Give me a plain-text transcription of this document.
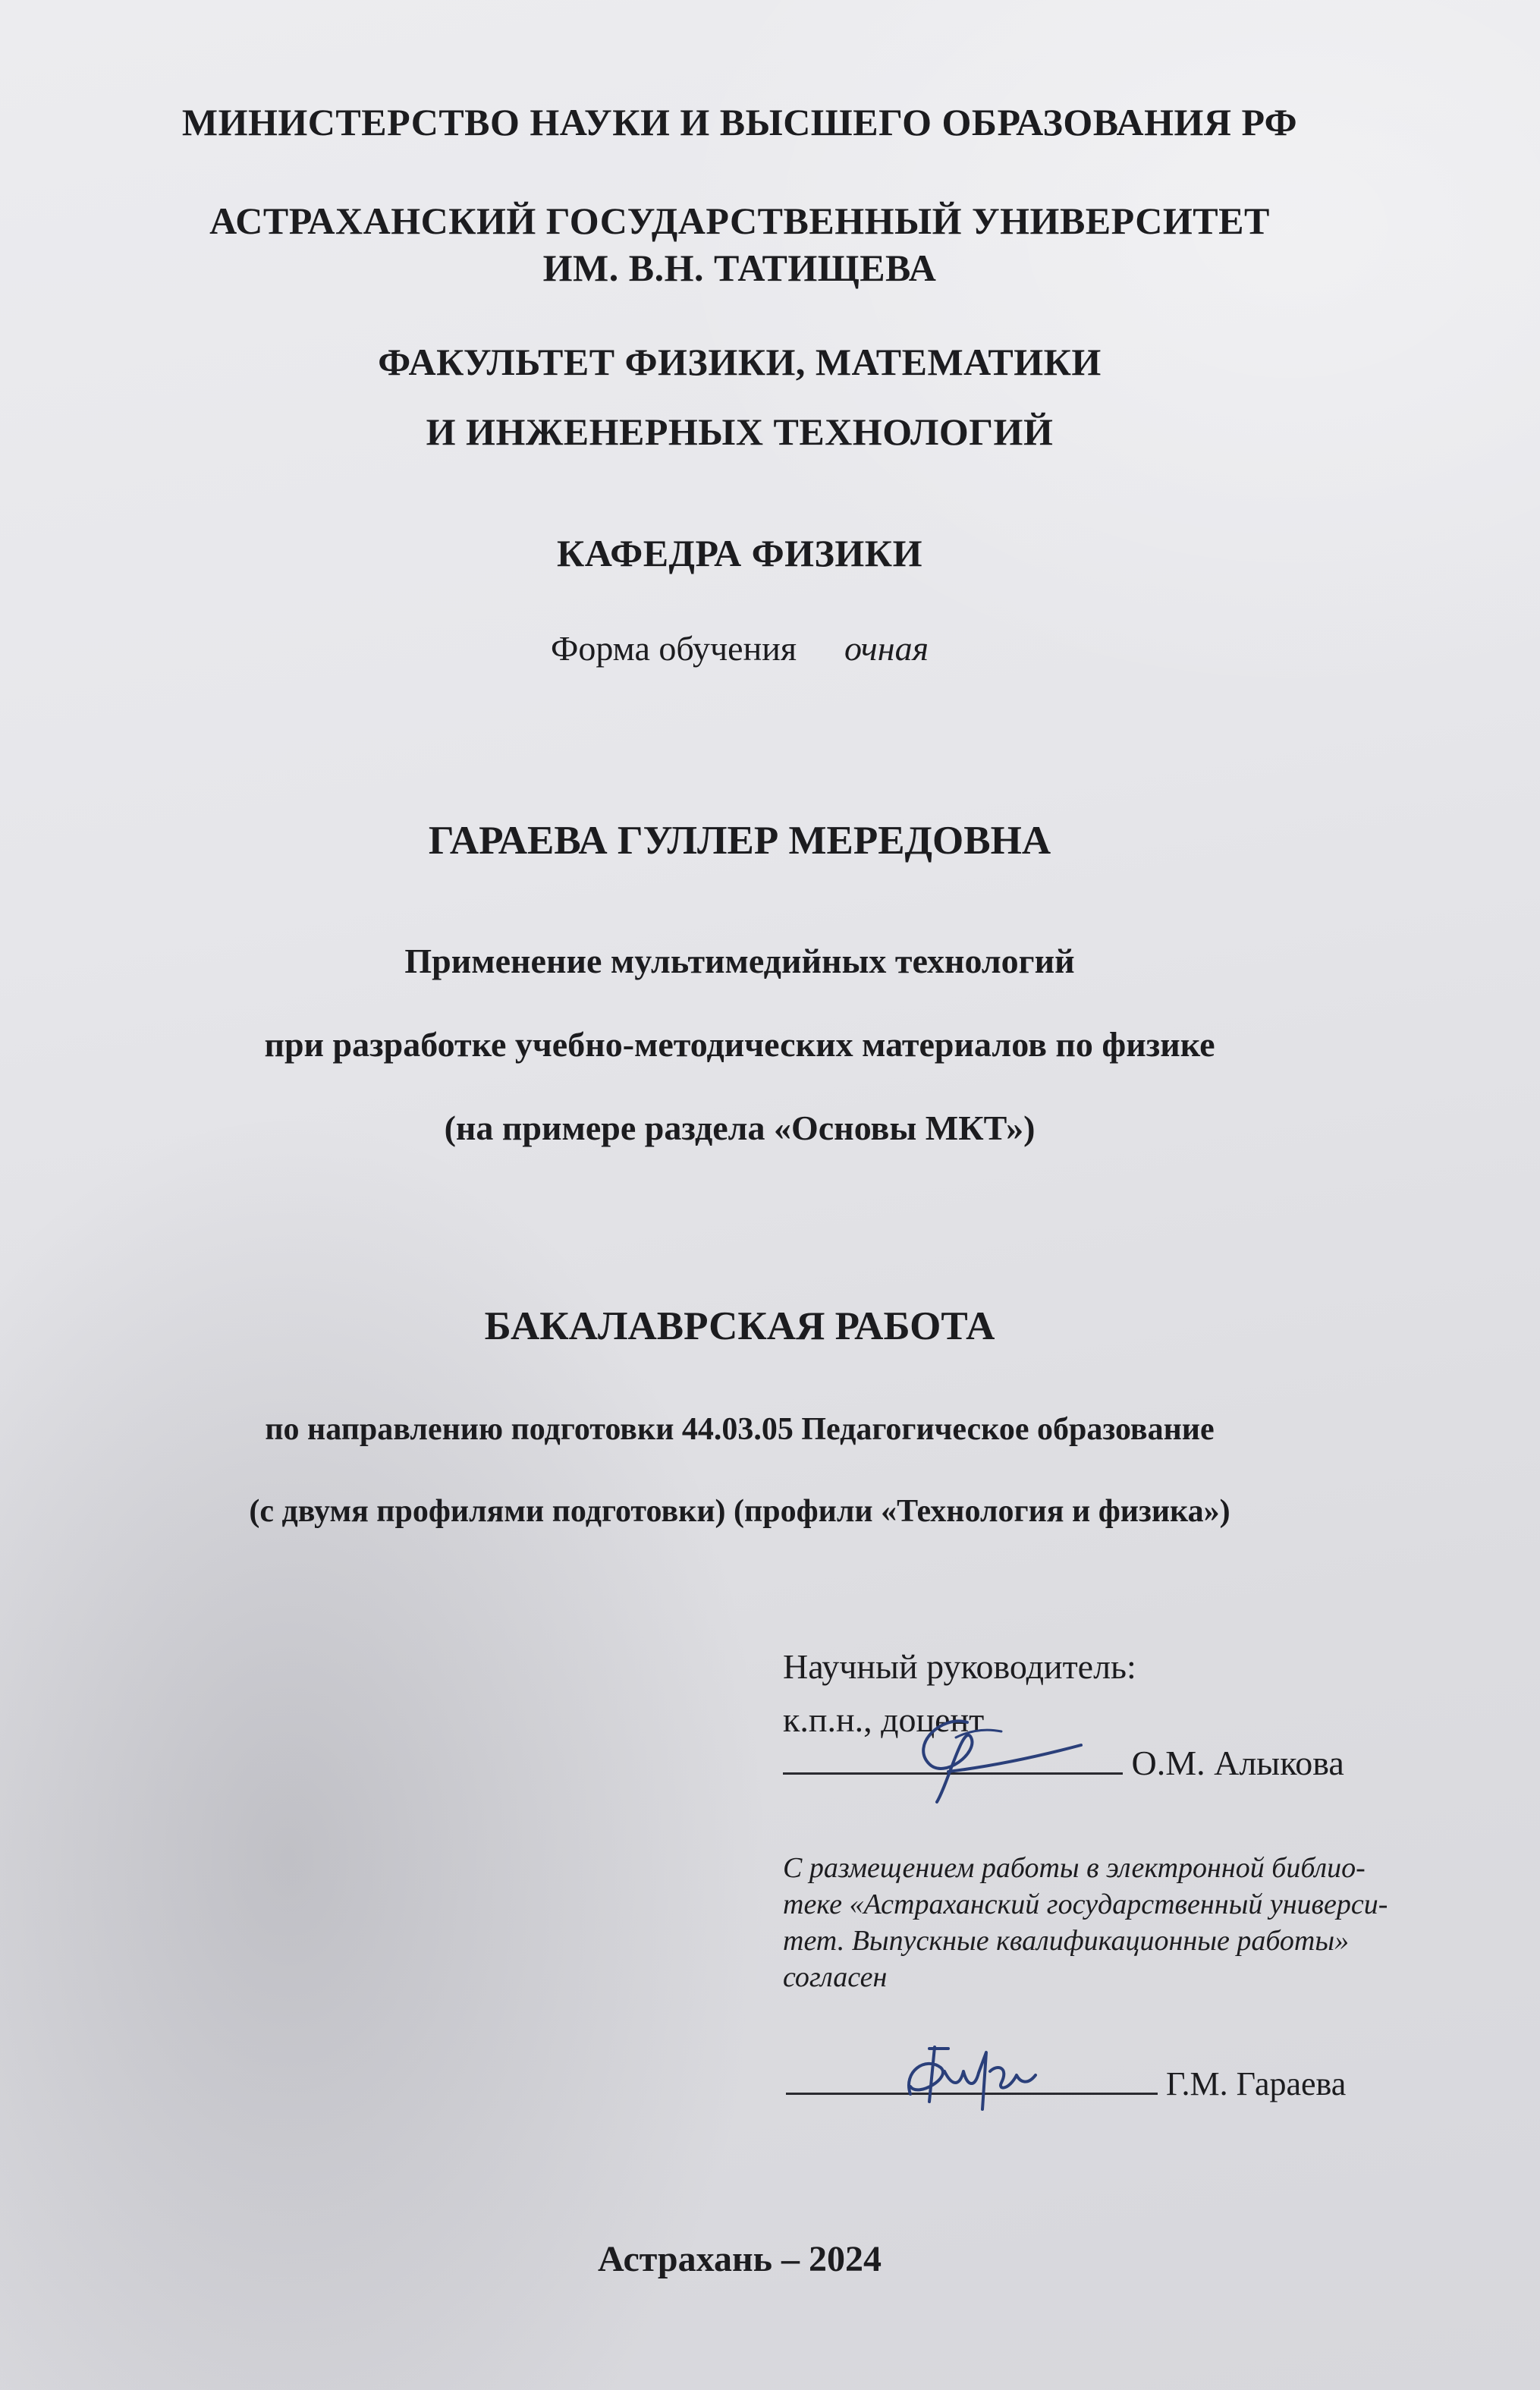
МИНИСТЕРСТВО НАУКИ И ВЫСШЕГО ОБРАЗОВАНИЯ РФ
АСТРАХАНСКИЙ ГОСУДАРСТВЕННЫЙ УНИВЕРСИТЕТ
ИМ. В.Н. ТАТИЩЕВА
ФАКУЛЬТЕТ ФИЗИКИ, МАТЕМАТИКИ
И ИНЖЕНЕРНЫХ ТЕХНОЛОГИЙ
КАФЕДРА ФИЗИКИ
Форма обучения очная
ГАРАЕВА ГУЛЛЕР МЕРЕДОВНА
Применение мультимедийных технологий
при разработке учебно-методических материалов по физике
(на примере раздела «Основы МКТ»)
БАКАЛАВРСКАЯ РАБОТА
по направлению подготовки 44.03.05 Педагогическое образование
(с двумя профилями подготовки) (профили «Технология и физика»)
Научный руководитель:
к.п.н., доцент
О.М. Алыкова
С размещением работы в электронной библио-
теке «Астраханский государственный универси-
тет. Выпускные квалификационные работы»
согласен
Г.М. Гараева
Астрахань – 2024
